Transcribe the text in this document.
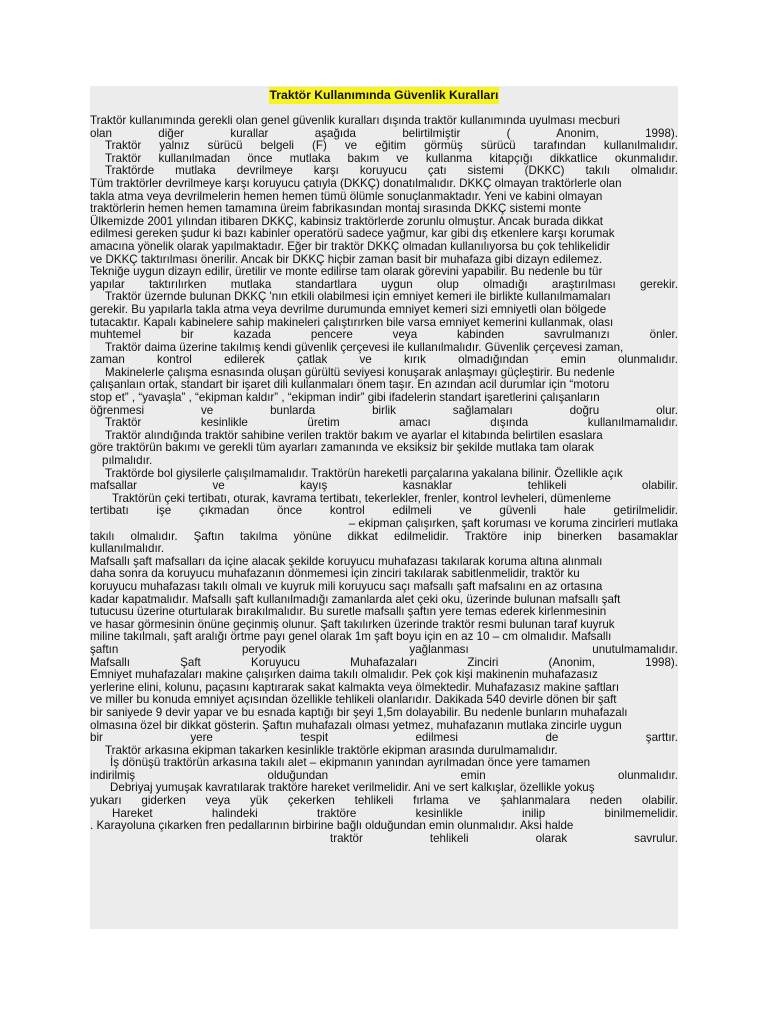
Traktör Kullanımında Güvenlik Kuralları
Traktör kullanımında gerekli olan genel güvenlik kuralları dışında traktör kullanımında uyulması mecburi
olan diğer kurallar aşağıda belirtilmiştir ( Anonim, 1998).
Traktör yalnız sürücü belgeli (F) ve eğitim görmüş sürücü tarafından kullanılmalıdır.
Traktör kullanılmadan önce mutlaka bakım ve kullanma kitapçığı dikkatlice okunmalıdır.
Traktörde mutlaka devrilmeye karşı koruyucu çatı sistemi (DKKC) takılı olmalıdır.
Tüm traktörler devrilmeye karşı koruyucu çatıyla (DKKÇ) donatılmalıdır. DKKÇ olmayan traktörlerle olan
takla atma veya devrilmelerin hemen hemen tümü ölümle sonuçlanmaktadır. Yeni ve kabini olmayan
traktörlerin hemen hemen tamamına üreim fabrikasından montaj sırasında DKKÇ sistemi monte
Ülkemizde 2001 yılından itibaren DKKÇ, kabinsiz traktörlerde zorunlu olmuştur. Ancak burada dikkat
edilmesi gereken şudur ki bazı kabinler operatörü sadece yağmur, kar gibi dış etkenlere karşı korumak
amacına yönelik olarak yapılmaktadır. Eğer bir traktör DKKÇ olmadan kullanılıyorsa bu çok tehlikelidir
ve DKKÇ taktırılması önerilir. Ancak bir DKKÇ hiçbir zaman basit bir muhafaza gibi dizayn edilemez.
Tekniğe uygun dizayn edilir, üretilir ve monte edilirse tam olarak görevini yapabilir. Bu nedenle bu tür
yapılar taktırılırken mutlaka standartlara uygun olup olmadığı araştırılması gerekir.
Traktör üzernde bulunan DKKÇ 'nın etkili olabilmesi için emniyet kemeri ile birlikte kullanılmamaları
gerekir. Bu yapılarla takla atma veya devrilme durumunda emniyet kemeri sizi emniyetli olan bölgede
tutacaktır. Kapalı kabinelere sahip makineleri çalıştırırken bile varsa emniyet kemerini kullanmak, olası
muhtemel bir kazada pencere veya kabinden savrulmanızı önler.
Traktör daima üzerine takılmış kendi güvenlik çerçevesi ile kullanılmalıdır. Güvenlik çerçevesi zaman,
zaman kontrol edilerek çatlak ve kırık olmadığından emin olunmalıdır.
Makinelerle çalışma esnasında oluşan gürültü seviyesi konuşarak anlaşmayı güçleştirir. Bu nedenle
çalışanlaın ortak, standart bir işaret dili kullanmaları önem taşır. En azından acil durumlar için “motoru
stop et” , “yavaşla” , “ekipman kaldır” , “ekipman indir” gibi ifadelerin standart işaretlerini çalışanların
öğrenmesi ve bunlarda birlik sağlamaları doğru olur.
Traktör kesinlikle üretim amacı dışında kullanılmamalıdır.
Traktör alındığında traktör sahibine verilen traktör bakım ve ayarlar el kitabında belirtilen esaslara
göre traktörün bakımı ve gerekli tüm ayarları zamanında ve eksiksiz bir şekilde mutlaka tam olarak
pılmalıdır.
Traktörde bol giysilerle çalışılmamalıdır. Traktörün hareketli parçalarına yakalana bilinir. Özellikle açık
mafsallar ve kayış kasnaklar tehlikeli olabilir.
Traktörün çeki tertibatı, oturak, kavrama tertibatı, tekerlekler, frenler, kontrol levheleri, dümenleme
tertibatı işe çıkmadan önce kontrol edilmeli ve güvenli hale getirilmelidir.
– ekipman çalışırken, şaft koruması ve koruma zincirleri mutlaka
takılı olmalıdır. Şaftın takılma yönüne dikkat edilmelidir. Traktöre inip binerken basamaklar
kullanılmalıdır.
Mafsallı şaft mafsalları da içine alacak şekilde koruyucu muhafazası takılarak koruma altına alınmalı
daha sonra da koruyucu muhafazanın dönmemesi için zinciri takılarak sabitlenmelidir, traktör ku
koruyucu muhafazası takılı olmalı ve kuyruk mili koruyucu saçı mafsallı şaft mafsalını en az ortasına
kadar kapatmalıdır. Mafsallı şaft kullanılmadığı zamanlarda alet çeki oku, üzerinde bulunan mafsallı şaft
tutucusu üzerine oturtularak bırakılmalıdır. Bu suretle mafsallı şaftın yere temas ederek kirlenmesinin
ve hasar görmesinin önüne geçinmiş olunur. Şaft takılırken üzerinde traktör resmi bulunan taraf kuyruk
miline takılmalı, şaft aralığı örtme payı genel olarak 1m şaft boyu için en az 10 – cm olmalıdır. Mafsallı
şaftın peryodik yağlanması unutulmamalıdır.
Mafsallı Şaft Koruyucu Muhafazaları Zinciri (Anonim, 1998).
Emniyet muhafazaları makine çalışırken daima takılı olmalıdır. Pek çok kişi makinenin muhafazasız
yerlerine elini, kolunu, paçasını kaptırarak sakat kalmakta veya ölmektedir. Muhafazasız makine şaftları
ve miller bu konuda emniyet açısından özellikle tehlikeli olanlarıdır. Dakikada 540 devirle dönen bir şaft
bir saniyede 9 devir yapar ve bu esnada kaptığı bir şeyi 1,5m dolayabilir. Bu nedenle bunların muhafazalı
olmasına özel bir dikkat gösterin. Şaftın muhafazalı olması yetmez, muhafazanın mutlaka zincirle uygun
bir yere tespit edilmesi de şarttır.
Traktör arkasına ekipman takarken kesinlikle traktörle ekipman arasında durulmamalıdır.
İş dönüşü traktörün arkasına takılı alet – ekipmanın yanından ayrılmadan önce yere tamamen
indirilmiş olduğundan emin olunmalıdır.
Debriyaj yumuşak kavratılarak traktöre hareket verilmelidir. Ani ve sert kalkışlar, özellikle yokuş
yukarı giderken veya yük çekerken tehlikeli fırlama ve şahlanmalara neden olabilir.
Hareket halindeki traktöre kesinlikle inilip binilmemelidir.
. Karayoluna çıkarken fren pedallarının birbirine bağlı olduğundan emin olunmalıdır. Aksi halde
traktör tehlikeli olarak savrulur.
